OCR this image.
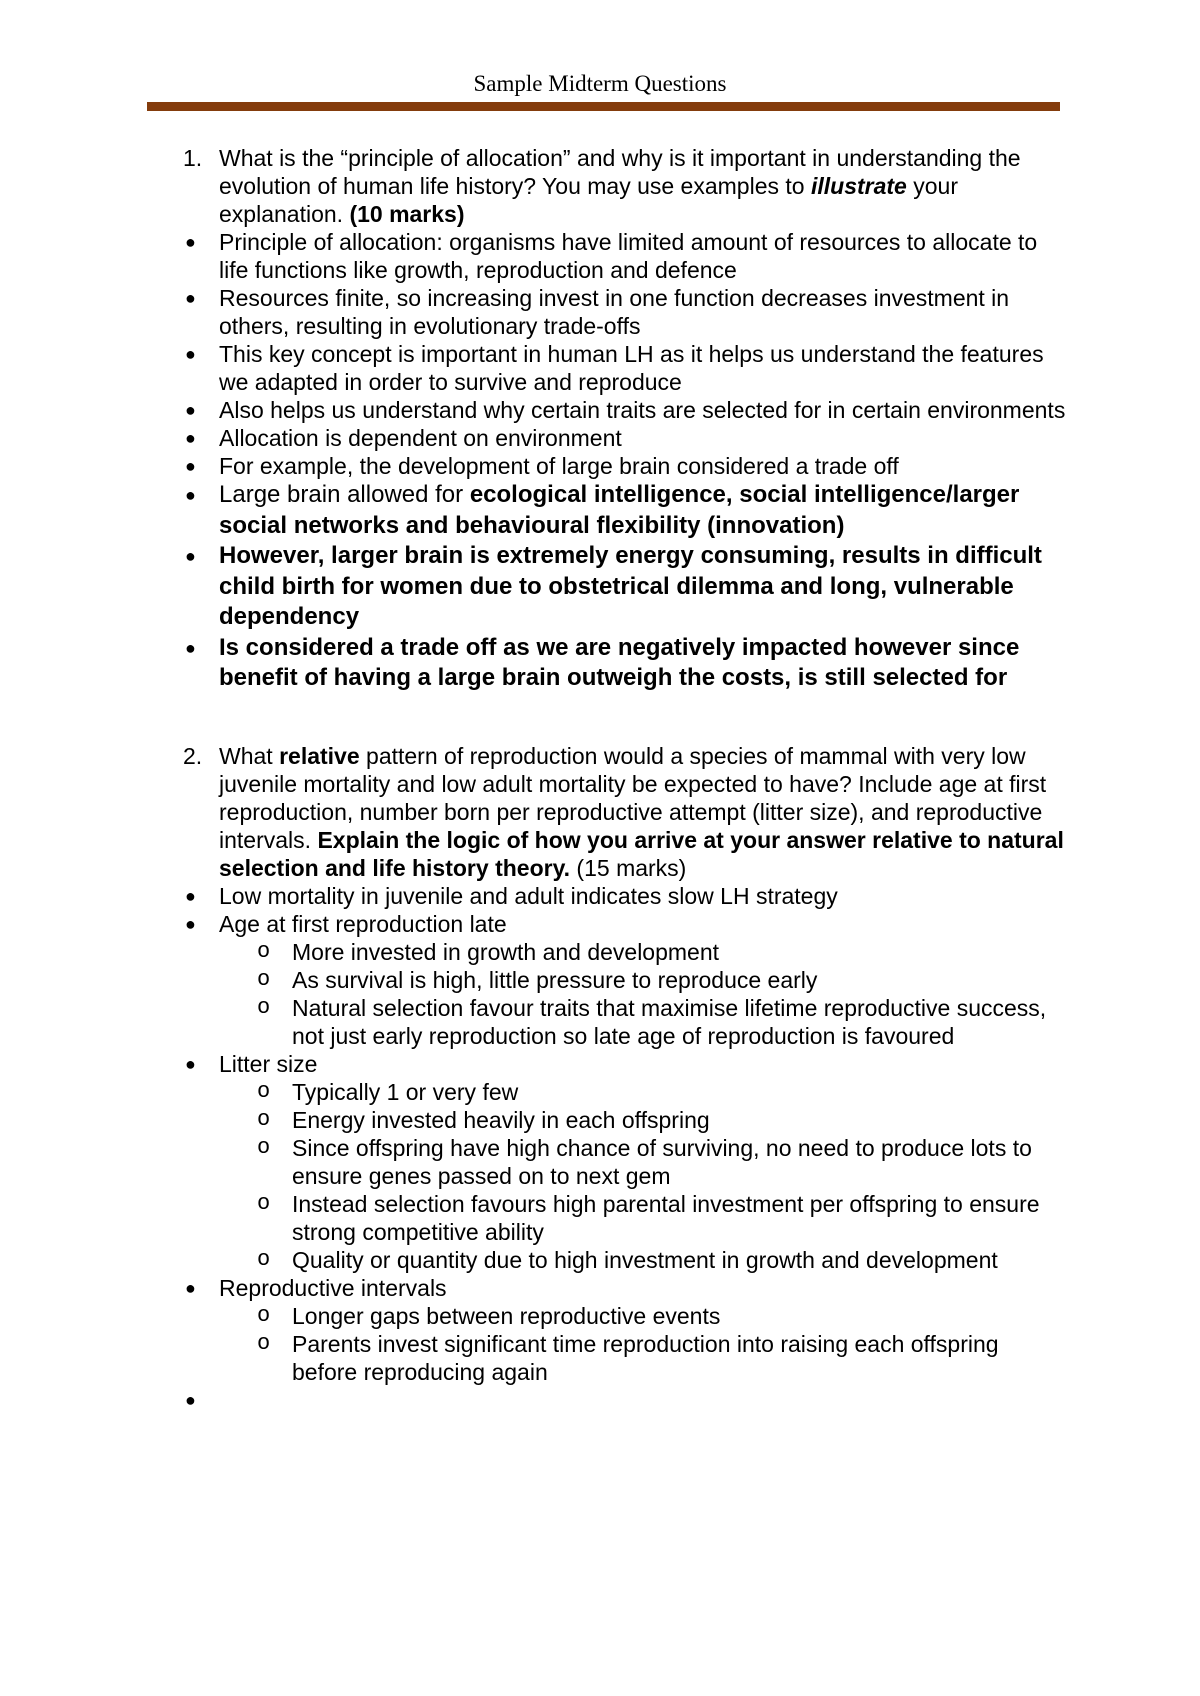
Sample Midterm Questions
1. What is the “principle of allocation” and why is it important in understanding the evolution of human life history? You may use examples to illustrate your explanation. (10 marks)
● Principle of allocation: organisms have limited amount of resources to allocate to life functions like growth, reproduction and defence
● Resources finite, so increasing invest in one function decreases investment in others, resulting in evolutionary trade-offs
● This key concept is important in human LH as it helps us understand the features we adapted in order to survive and reproduce
● Also helps us understand why certain traits are selected for in certain environments
● Allocation is dependent on environment
● For example, the development of large brain considered a trade off
● Large brain allowed for ecological intelligence, social intelligence/larger social networks and behavioural flexibility (innovation)
● However, larger brain is extremely energy consuming, results in difficult child birth for women due to obstetrical dilemma and long, vulnerable dependency
● Is considered a trade off as we are negatively impacted however since benefit of having a large brain outweigh the costs, is still selected for
2. What relative pattern of reproduction would a species of mammal with very low juvenile mortality and low adult mortality be expected to have? Include age at first reproduction, number born per reproductive attempt (litter size), and reproductive intervals. Explain the logic of how you arrive at your answer relative to natural selection and life history theory. (15 marks)
● Low mortality in juvenile and adult indicates slow LH strategy
● Age at first reproduction late
o More invested in growth and development
o As survival is high, little pressure to reproduce early
o Natural selection favour traits that maximise lifetime reproductive success, not just early reproduction so late age of reproduction is favoured
● Litter size
o Typically 1 or very few
o Energy invested heavily in each offspring
o Since offspring have high chance of surviving, no need to produce lots to ensure genes passed on to next gem
o Instead selection favours high parental investment per offspring to ensure strong competitive ability
o Quality or quantity due to high investment in growth and development
● Reproductive intervals
o Longer gaps between reproductive events
o Parents invest significant time reproduction into raising each offspring before reproducing again
●
